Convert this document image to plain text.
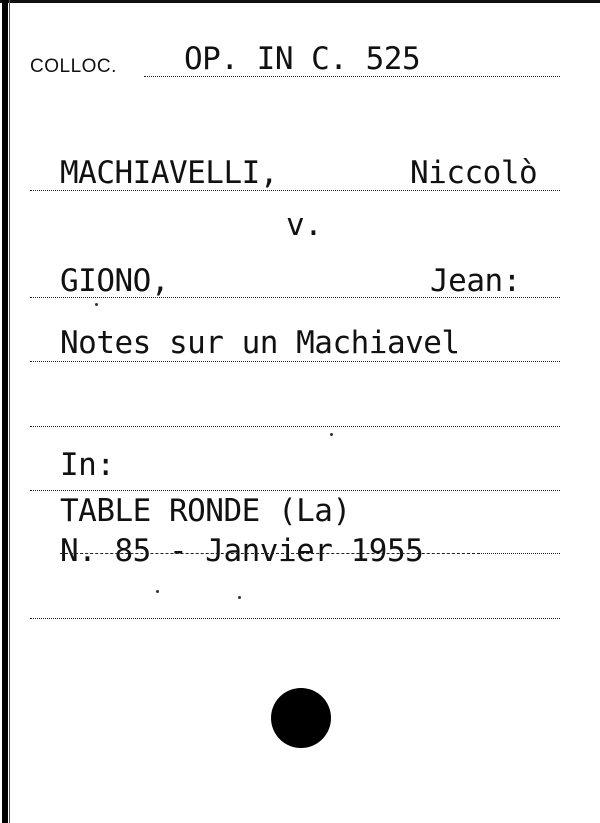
COLLOC. OP. IN C. 525
MACHIAVELLI,	Niccolò
v.
GIONO,	Jean:
Notes sur un Machiavel
In:
TABLE RONDE (La)
N. 85 - Janvier 1955
